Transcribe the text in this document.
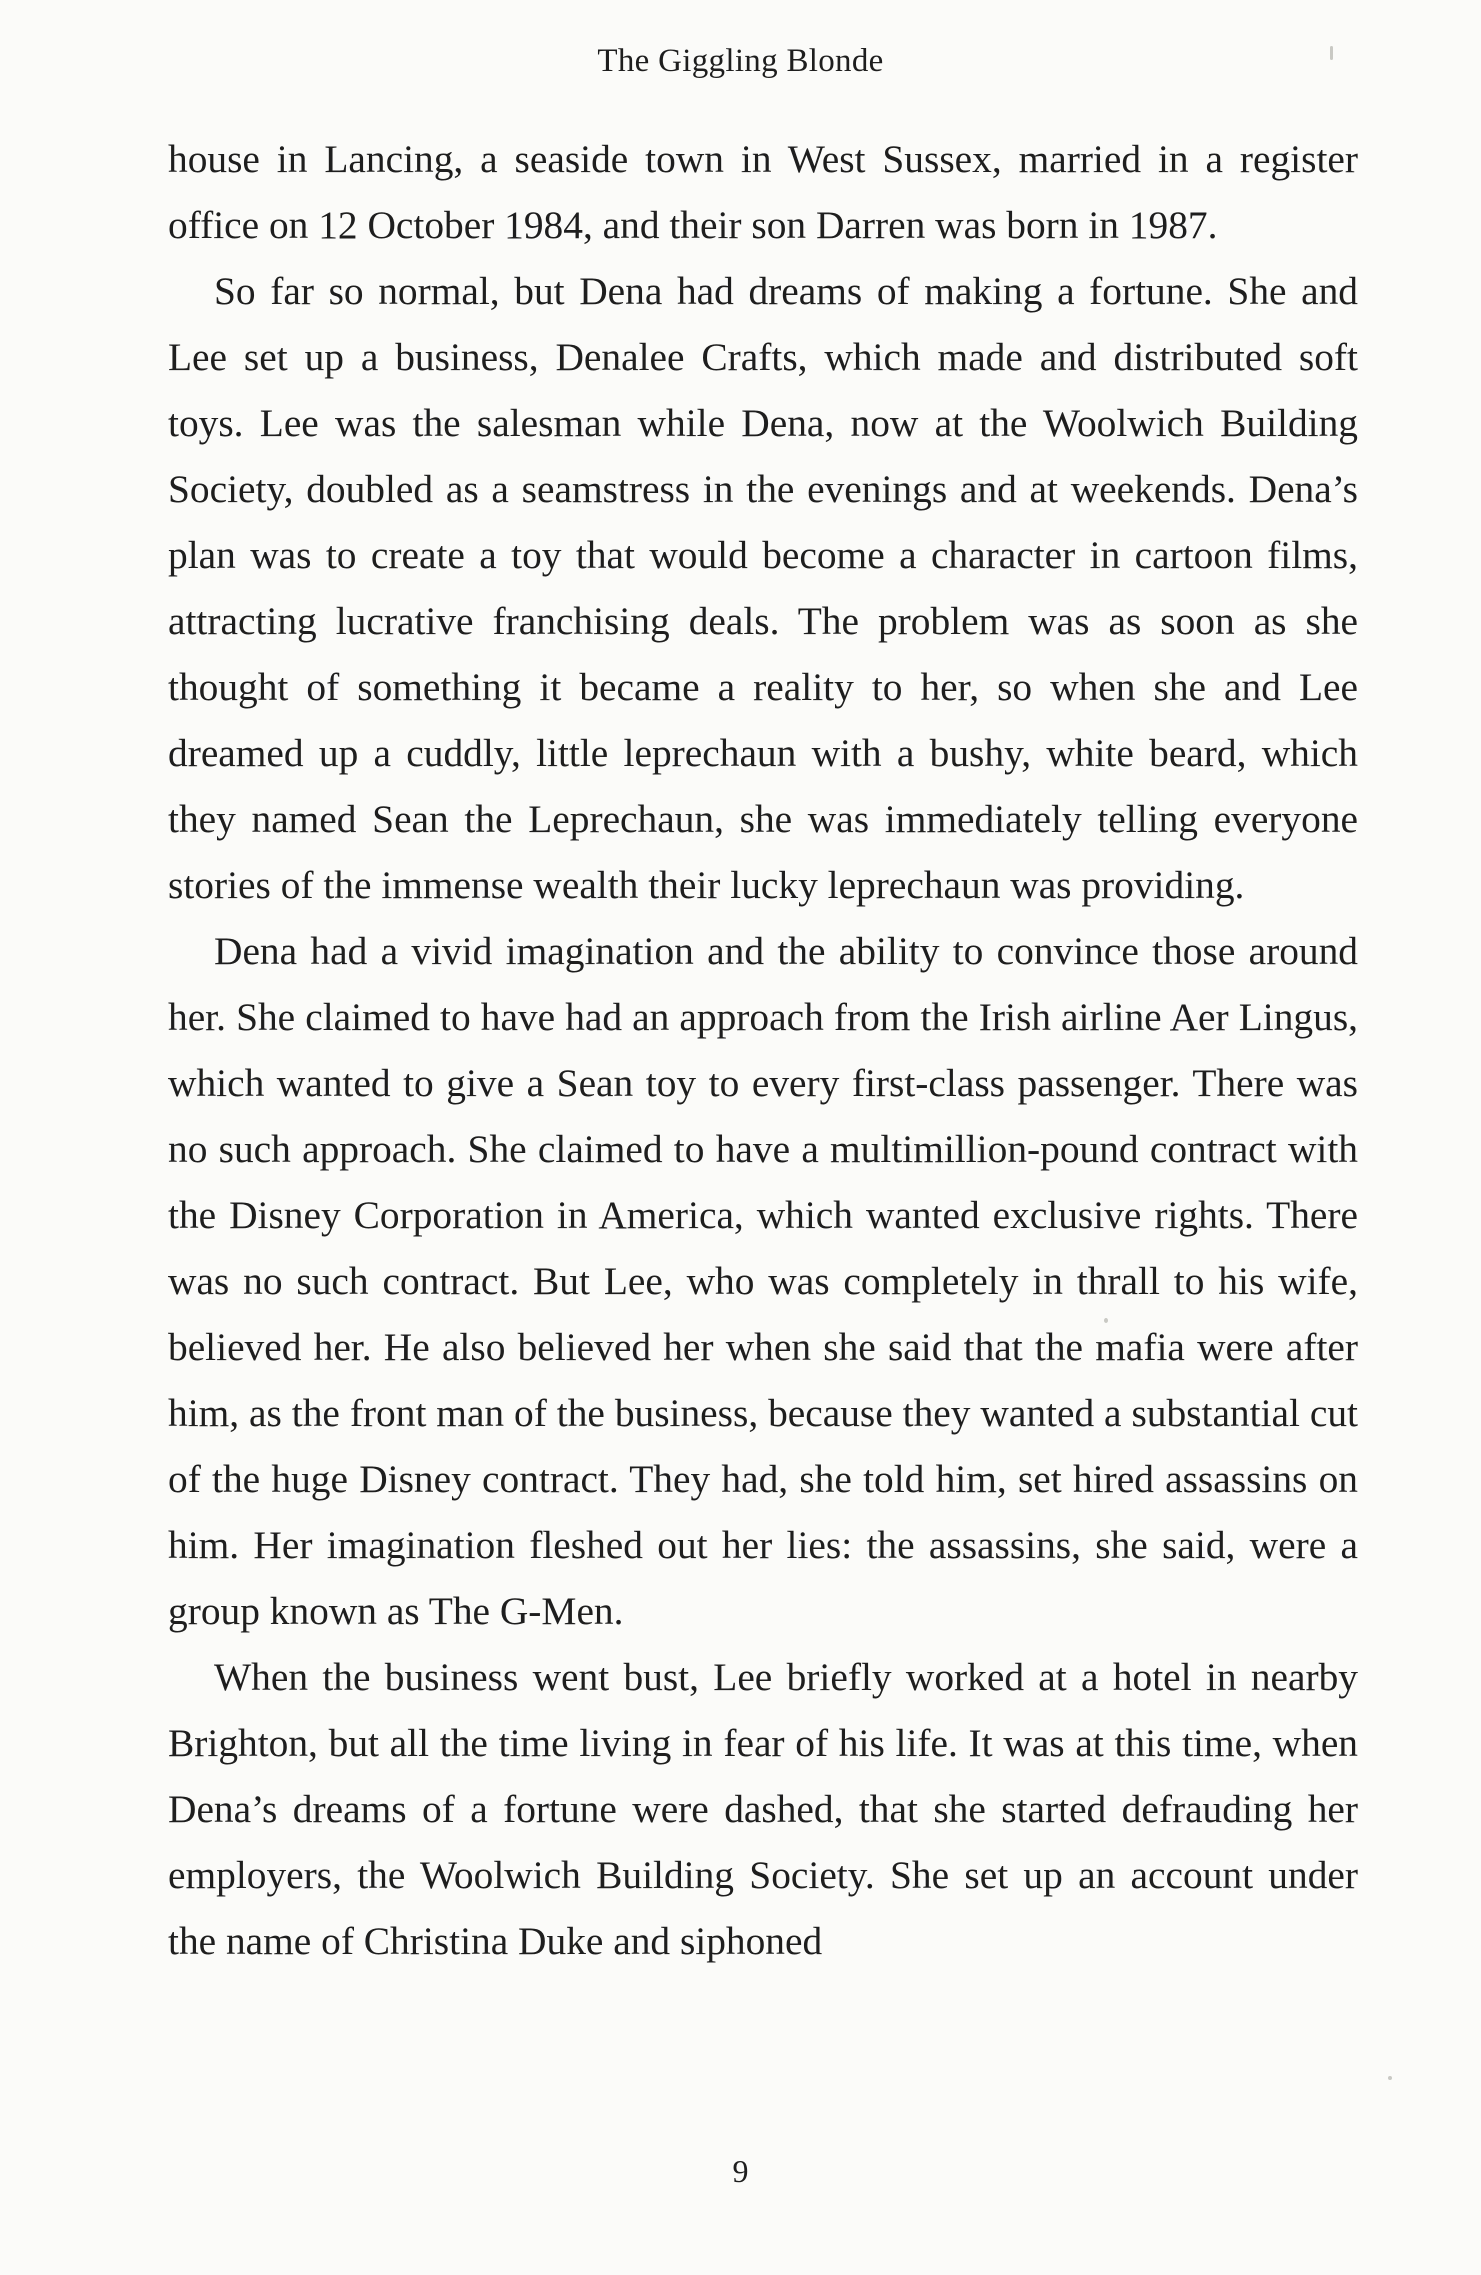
The Giggling Blonde

house in Lancing, a seaside town in West Sussex, married in a register office on 12 October 1984, and their son Darren was born in 1987.

So far so normal, but Dena had dreams of making a fortune. She and Lee set up a business, Denalee Crafts, which made and distributed soft toys. Lee was the salesman while Dena, now at the Woolwich Building Society, doubled as a seamstress in the evenings and at weekends. Dena’s plan was to create a toy that would become a character in cartoon films, attracting lucrative franchising deals. The problem was as soon as she thought of something it became a reality to her, so when she and Lee dreamed up a cuddly, little leprechaun with a bushy, white beard, which they named Sean the Leprechaun, she was immediately telling everyone stories of the immense wealth their lucky leprechaun was providing.

Dena had a vivid imagination and the ability to convince those around her. She claimed to have had an approach from the Irish airline Aer Lingus, which wanted to give a Sean toy to every first-class passenger. There was no such approach. She claimed to have a multimillion-pound contract with the Disney Corporation in America, which wanted exclusive rights. There was no such contract. But Lee, who was completely in thrall to his wife, believed her. He also believed her when she said that the mafia were after him, as the front man of the business, because they wanted a substantial cut of the huge Disney contract. They had, she told him, set hired assassins on him. Her imagination fleshed out her lies: the assassins, she said, were a group known as The G-Men.

When the business went bust, Lee briefly worked at a hotel in nearby Brighton, but all the time living in fear of his life. It was at this time, when Dena’s dreams of a fortune were dashed, that she started defrauding her employers, the Woolwich Building Society. She set up an account under the name of Christina Duke and siphoned

9
